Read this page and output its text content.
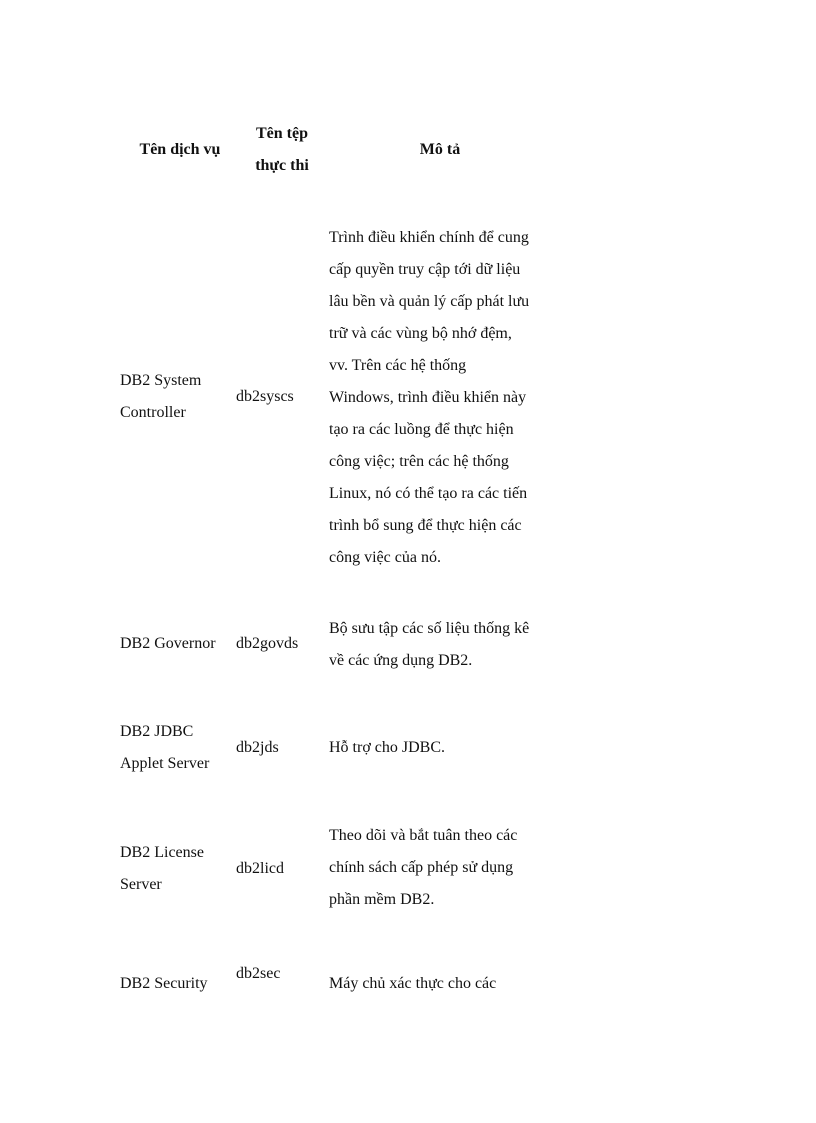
Tên dịch vụ
Tên tệp
thực thi
Mô tả
DB2 System
Controller
db2syscs
Trình điều khiển chính để cung
cấp quyền truy cập tới dữ liệu
lâu bền và quản lý cấp phát lưu
trữ và các vùng bộ nhớ đệm,
vv. Trên các hệ thống
Windows, trình điều khiển này
tạo ra các luồng để thực hiện
công việc; trên các hệ thống
Linux, nó có thể tạo ra các tiến
trình bổ sung để thực hiện các
công việc của nó.
DB2 Governor db2govds
Bộ sưu tập các số liệu thống kê
về các ứng dụng DB2.
DB2 JDBC
Applet Server
db2jds	Hỗ trợ cho JDBC.
DB2 License
Server
db2licd
Theo dõi và bắt tuân theo các
chính sách cấp phép sử dụng
phần mềm DB2.
DB2 Security
db2sec
Máy chủ xác thực cho các
